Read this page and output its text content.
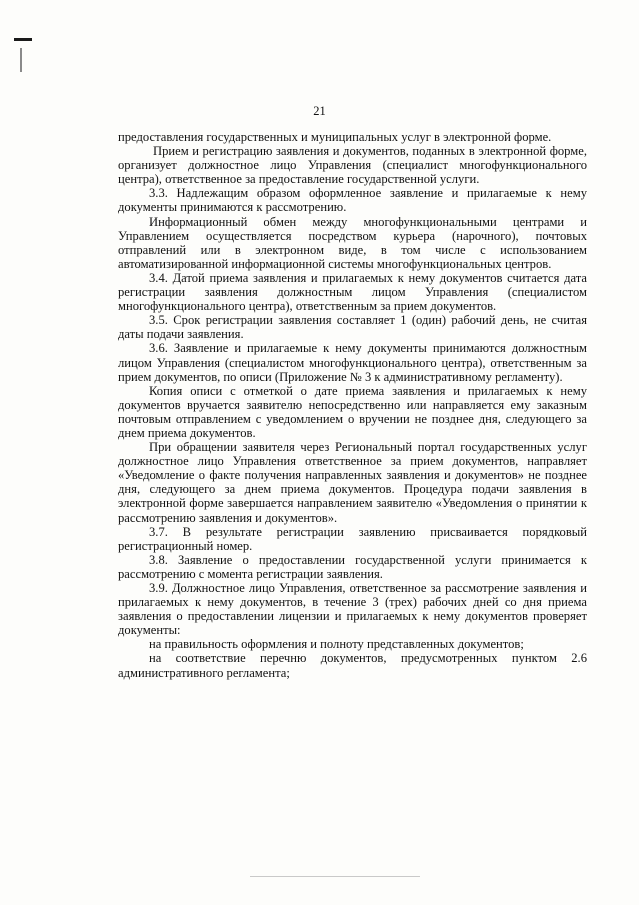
21

предоставления государственных и муниципальных услуг в электронной форме.

Прием и регистрацию заявления и документов, поданных в электронной форме, организует должностное лицо Управления (специалист многофункционального центра), ответственное за предоставление государственной услуги.

3.3. Надлежащим образом оформленное заявление и прилагаемые к нему документы принимаются к рассмотрению.

Информационный обмен между многофункциональными центрами и Управлением осуществляется посредством курьера (нарочного), почтовых отправлений или в электронном виде, в том числе с использованием автоматизированной информационной системы многофункциональных центров.

3.4. Датой приема заявления и прилагаемых к нему документов считается дата регистрации заявления должностным лицом Управления (специалистом многофункционального центра), ответственным за прием документов.

3.5. Срок регистрации заявления составляет 1 (один) рабочий день, не считая даты подачи заявления.

3.6. Заявление и прилагаемые к нему документы принимаются должностным лицом Управления (специалистом многофункционального центра), ответственным за прием документов, по описи (Приложение № 3 к административному регламенту).

Копия описи с отметкой о дате приема заявления и прилагаемых к нему документов вручается заявителю непосредственно или направляется ему заказным почтовым отправлением с уведомлением о вручении не позднее дня, следующего за днем приема документов.

При обращении заявителя через Региональный портал государственных услуг должностное лицо Управления ответственное за прием документов, направляет «Уведомление о факте получения направленных заявления и документов» не позднее дня, следующего за днем приема документов. Процедура подачи заявления в электронной форме завершается направлением заявителю «Уведомления о принятии к рассмотрению заявления и документов».

3.7. В результате регистрации заявлению присваивается порядковый регистрационный номер.

3.8. Заявление о предоставлении государственной услуги принимается к рассмотрению с момента регистрации заявления.

3.9. Должностное лицо Управления, ответственное за рассмотрение заявления и прилагаемых к нему документов, в течение 3 (трех) рабочих дней со дня приема заявления о предоставлении лицензии и прилагаемых к нему документов проверяет документы:

на правильность оформления и полноту представленных документов;

на соответствие перечню документов, предусмотренных пунктом 2.6 административного регламента;
